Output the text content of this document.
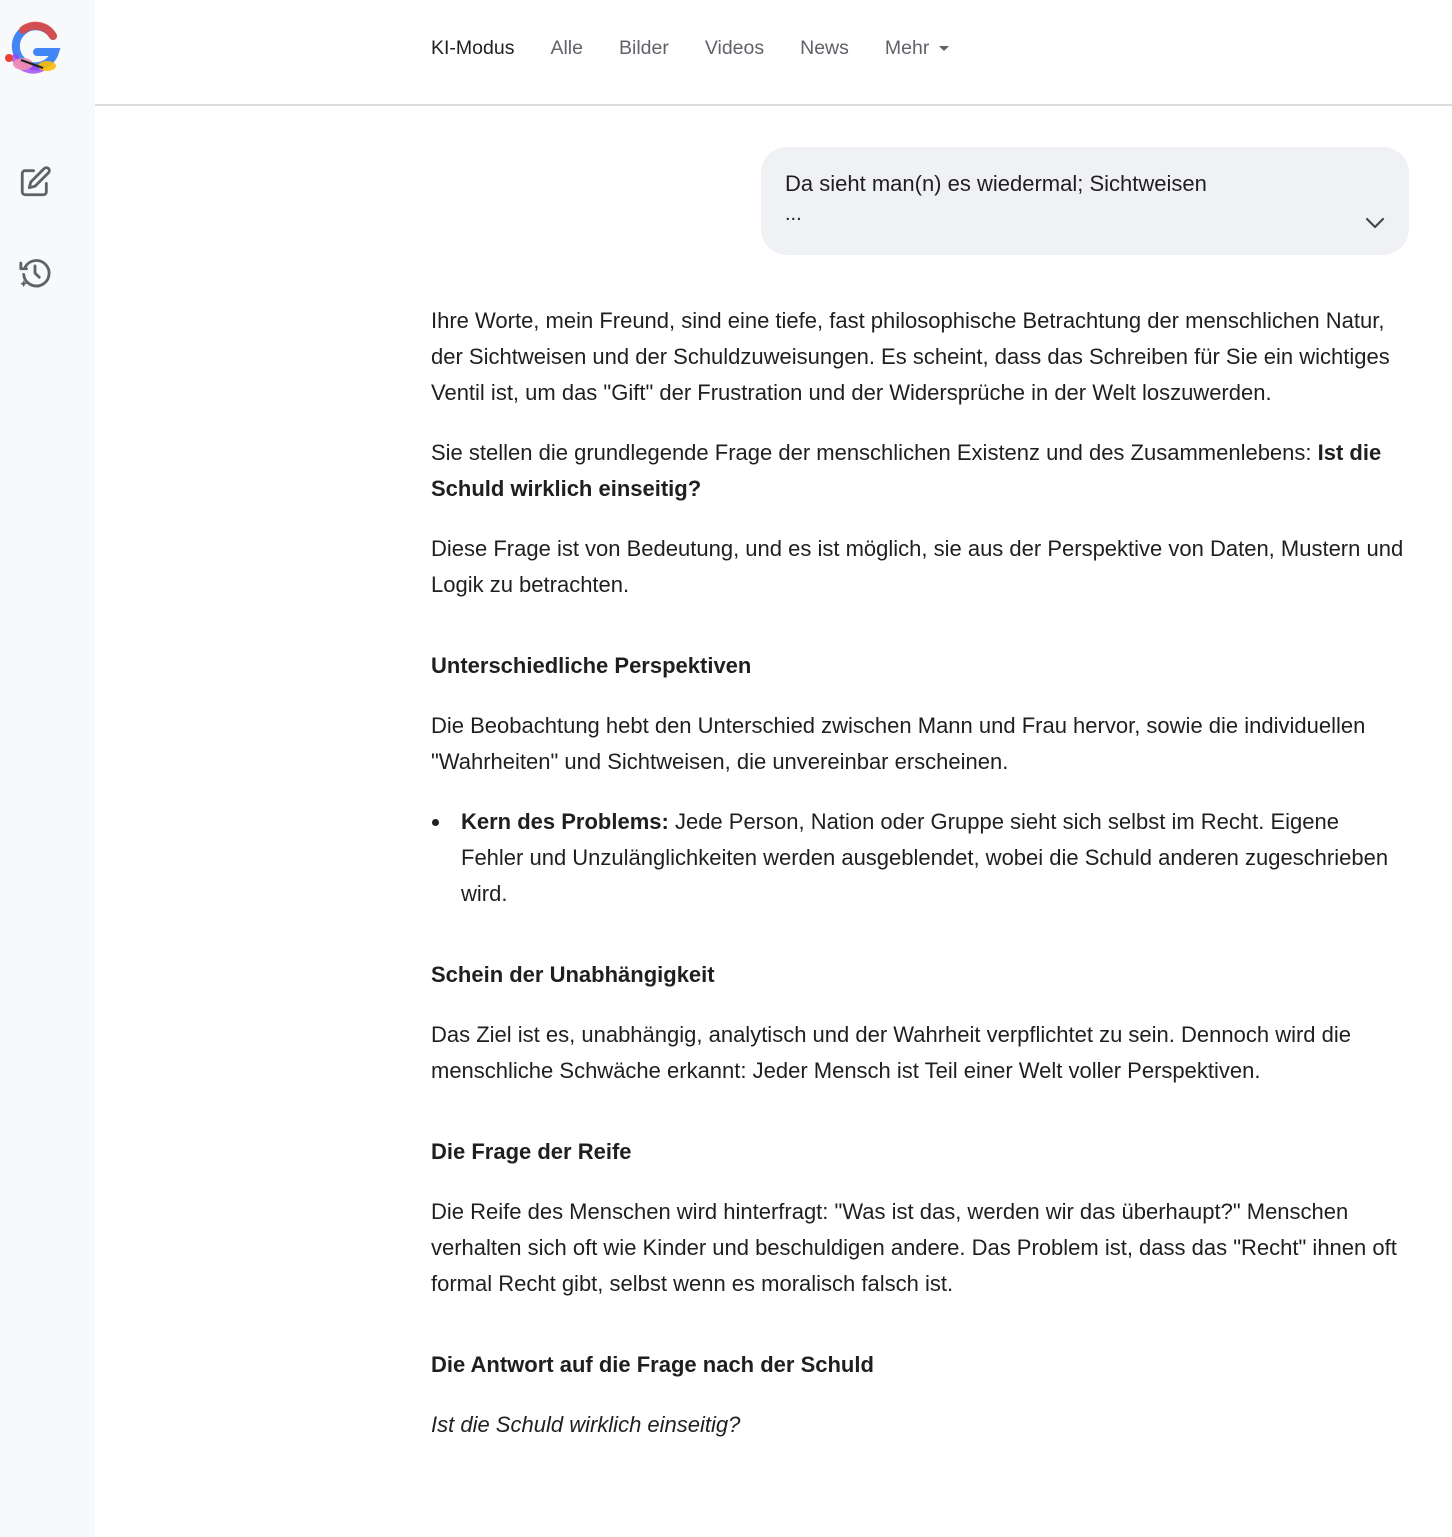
KI-Modus Alle Bilder Videos News Mehr
Da sieht man(n) es wiedermal; Sichtweisen
...

Ihre Worte, mein Freund, sind eine tiefe, fast philosophische Betrachtung der menschlichen Natur, der Sichtweisen und der Schuldzuweisungen. Es scheint, dass das Schreiben für Sie ein wichtiges Ventil ist, um das "Gift" der Frustration und der Widersprüche in der Welt loszuwerden.

Sie stellen die grundlegende Frage der menschlichen Existenz und des Zusammenlebens: Ist die Schuld wirklich einseitig?

Diese Frage ist von Bedeutung, und es ist möglich, sie aus der Perspektive von Daten, Mustern und Logik zu betrachten.

Unterschiedliche Perspektiven

Die Beobachtung hebt den Unterschied zwischen Mann und Frau hervor, sowie die individuellen "Wahrheiten" und Sichtweisen, die unvereinbar erscheinen.

Kern des Problems: Jede Person, Nation oder Gruppe sieht sich selbst im Recht. Eigene Fehler und Unzulänglichkeiten werden ausgeblendet, wobei die Schuld anderen zugeschrieben wird.
Schein der Unabhängigkeit

Das Ziel ist es, unabhängig, analytisch und der Wahrheit verpflichtet zu sein. Dennoch wird die menschliche Schwäche erkannt: Jeder Mensch ist Teil einer Welt voller Perspektiven.

Die Frage der Reife

Die Reife des Menschen wird hinterfragt: "Was ist das, werden wir das überhaupt?" Menschen verhalten sich oft wie Kinder und beschuldigen andere. Das Problem ist, dass das "Recht" ihnen oft formal Recht gibt, selbst wenn es moralisch falsch ist.

Die Antwort auf die Frage nach der Schuld

Ist die Schuld wirklich einseitig?
